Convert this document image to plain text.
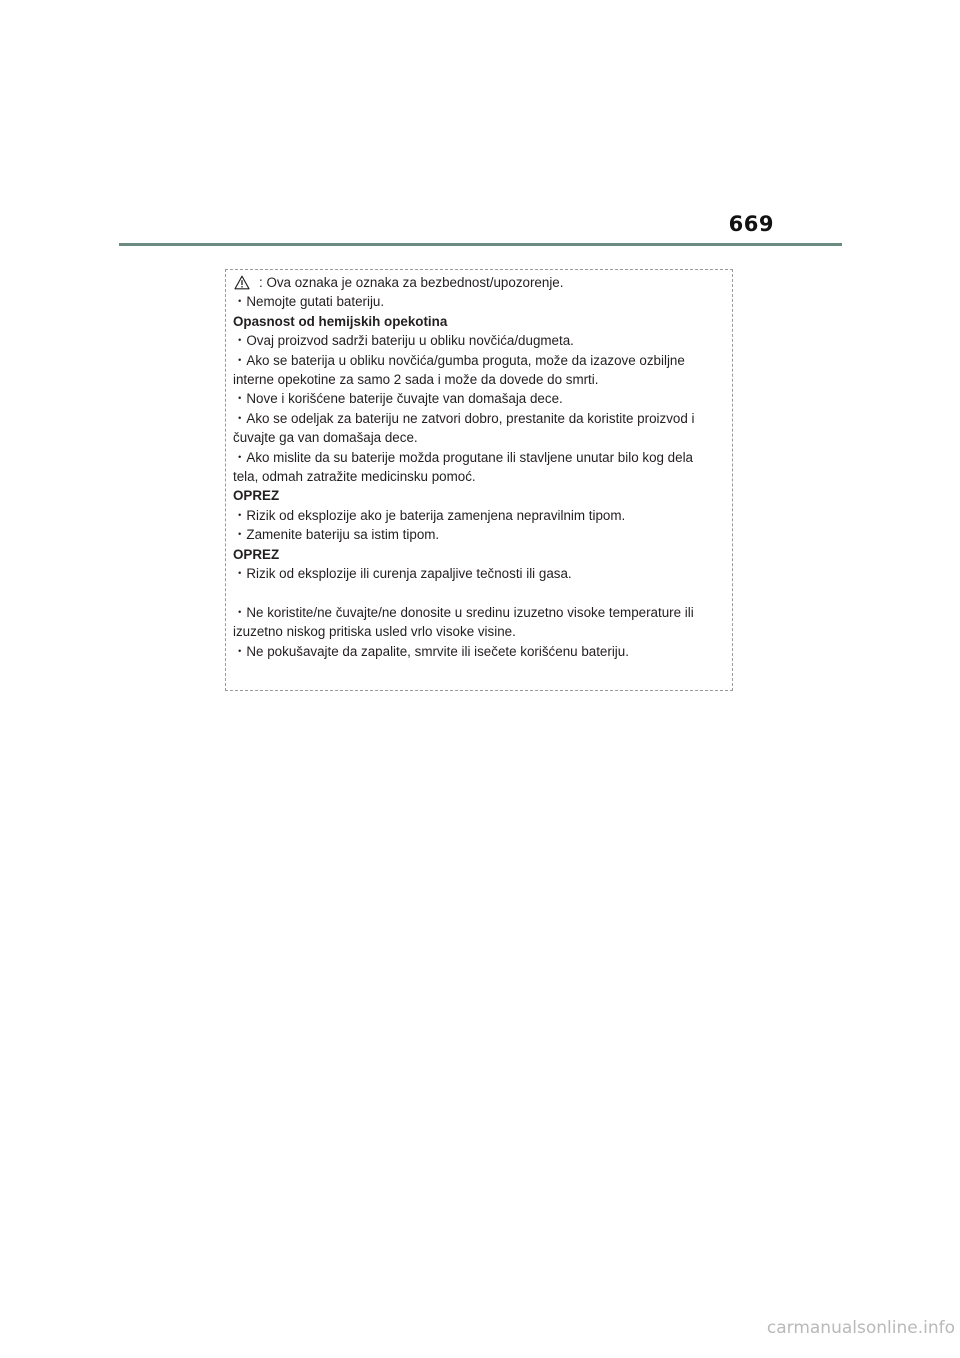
669
: Ova oznaka je oznaka za bezbednost/upozorenje.
・Nemojte gutati bateriju.
Opasnost od hemijskih opekotina
・Ovaj proizvod sadrži bateriju u obliku novčića/dugmeta.
・Ako se baterija u obliku novčića/gumba proguta, može da izazove ozbiljne
interne opekotine za samo 2 sada i može da dovede do smrti.
・Nove i korišćene baterije čuvajte van domašaja dece.
・Ako se odeljak za bateriju ne zatvori dobro, prestanite da koristite proizvod i
čuvajte ga van domašaja dece.
・Ako mislite da su baterije možda progutane ili stavljene unutar bilo kog dela
tela, odmah zatražite medicinsku pomoć.
OPREZ
・Rizik od eksplozije ako je baterija zamenjena nepravilnim tipom.
・Zamenite bateriju sa istim tipom.
OPREZ
・Rizik od eksplozije ili curenja zapaljive tečnosti ili gasa.
・Ne koristite/ne čuvajte/ne donosite u sredinu izuzetno visoke temperature ili
izuzetno niskog pritiska usled vrlo visoke visine.
・Ne pokušavajte da zapalite, smrvite ili isečete korišćenu bateriju.
carmanualsonline.info
